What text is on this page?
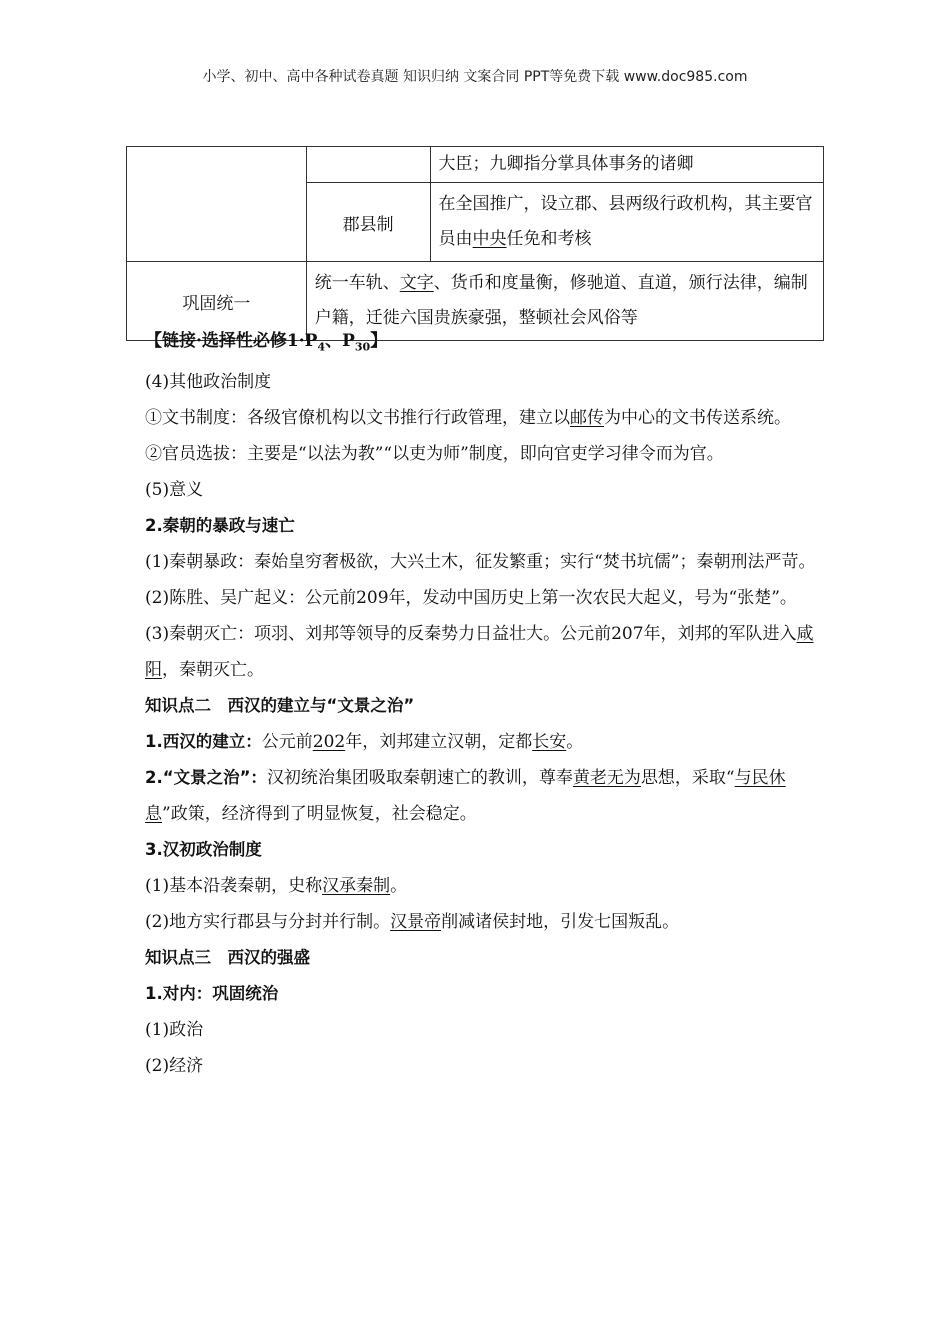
小学、初中、高中各种试卷真题 知识归纳 文案合同 PPT等免费下载 www.doc985.com
		大臣；九卿指分掌具体事务的诸卿
	郡县制	在全国推广，设立郡、县两级行政机构，其主要官员由中央任免和考核
巩固统一	统一车轨、文字、货币和度量衡，修驰道、直道，颁行法律，编制户籍，迁徙六国贵族豪强，整顿社会风俗等	

【链接·选择性必修$1\cdot P_4$、$P_{30}$】

(4)其他政治制度

①文书制度：各级官僚机构以文书推行行政管理，建立以邮传为中心的文书传送系统。

②官员选拔：主要是“以法为教”“以吏为师”制度，即向官吏学习律令而为官。

(5)意义

2.秦朝的暴政与速亡

(1)秦朝暴政：秦始皇穷奢极欲，大兴土木，征发繁重；实行“焚书坑儒”；秦朝刑法严苛。

(2)陈胜、吴广起义：公元前209年，发动中国历史上第一次农民大起义，号为“张楚”。

(3)秦朝灭亡：项羽、刘邦等领导的反秦势力日益壮大。公元前207年，刘邦的军队进入咸阳，秦朝灭亡。

知识点二　西汉的建立与“文景之治”

1.西汉的建立：公元前202年，刘邦建立汉朝，定都长安。

2.“文景之治”：汉初统治集团吸取秦朝速亡的教训，尊奉黄老无为思想，采取“与民休息”政策，经济得到了明显恢复，社会稳定。

3.汉初政治制度

(1)基本沿袭秦朝，史称汉承秦制。

(2)地方实行郡县与分封并行制。汉景帝削减诸侯封地，引发七国叛乱。

知识点三　西汉的强盛

1.对内：巩固统治

(1)政治

(2)经济
